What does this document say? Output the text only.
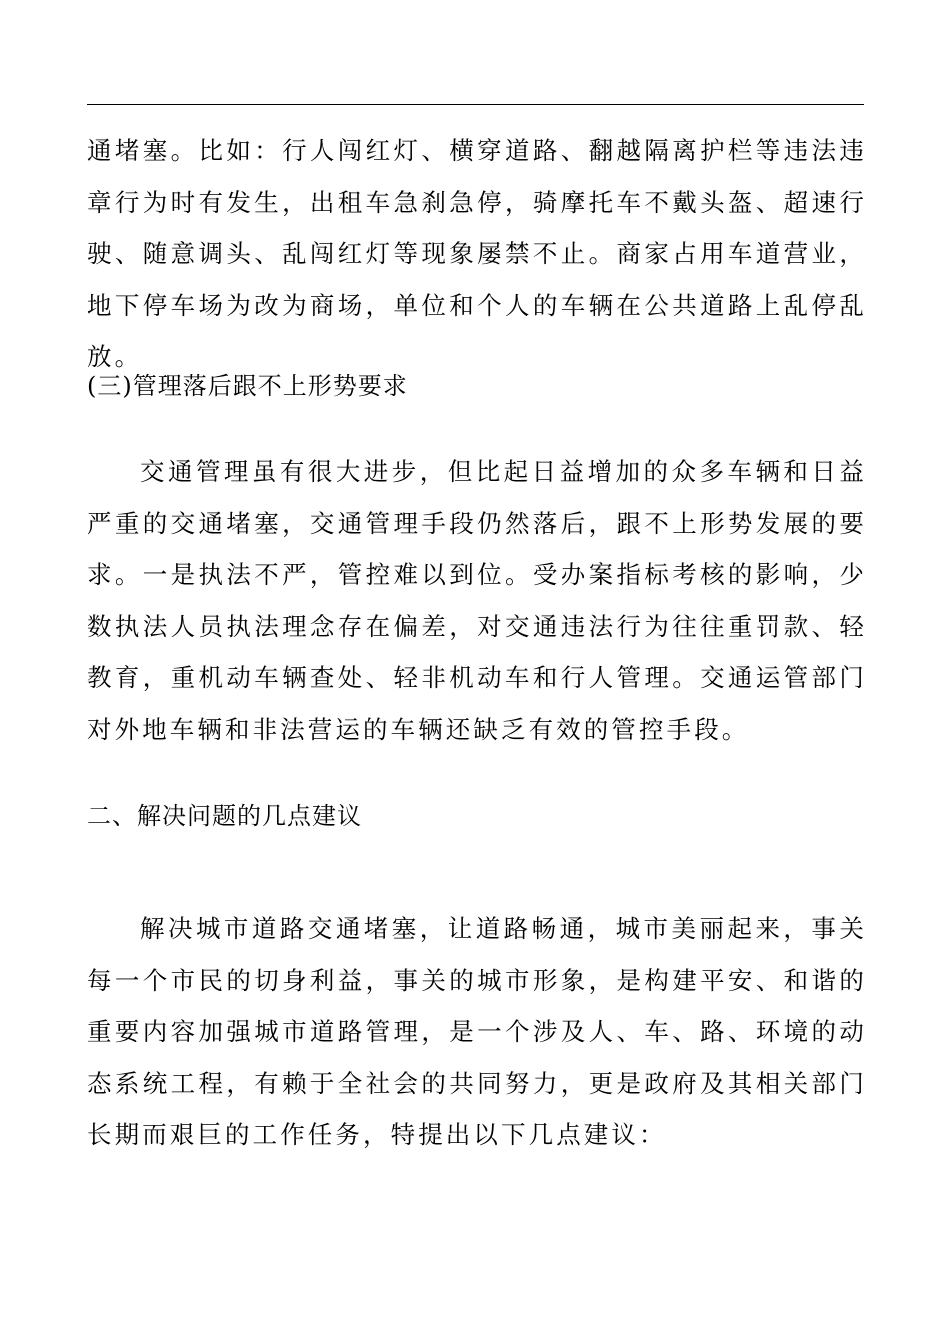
通堵塞。比如：行人闯红灯、横穿道路、翻越隔离护栏等违法违章行为时有发生，出租车急刹急停，骑摩托车不戴头盔、超速行驶、随意调头、乱闯红灯等现象屡禁不止。商家占用车道营业，地下停车场为改为商场，单位和个人的车辆在公共道路上乱停乱放。

(三)管理落后跟不上形势要求

交通管理虽有很大进步，但比起日益增加的众多车辆和日益严重的交通堵塞，交通管理手段仍然落后，跟不上形势发展的要求。一是执法不严，管控难以到位。受办案指标考核的影响，少数执法人员执法理念存在偏差，对交通违法行为往往重罚款、轻教育，重机动车辆查处、轻非机动车和行人管理。交通运管部门对外地车辆和非法营运的车辆还缺乏有效的管控手段。

二、解决问题的几点建议

解决城市道路交通堵塞，让道路畅通，城市美丽起来，事关每一个市民的切身利益，事关的城市形象，是构建平安、和谐的重要内容加强城市道路管理，是一个涉及人、车、路、环境的动态系统工程，有赖于全社会的共同努力，更是政府及其相关部门长期而艰巨的工作任务，特提出以下几点建议：
